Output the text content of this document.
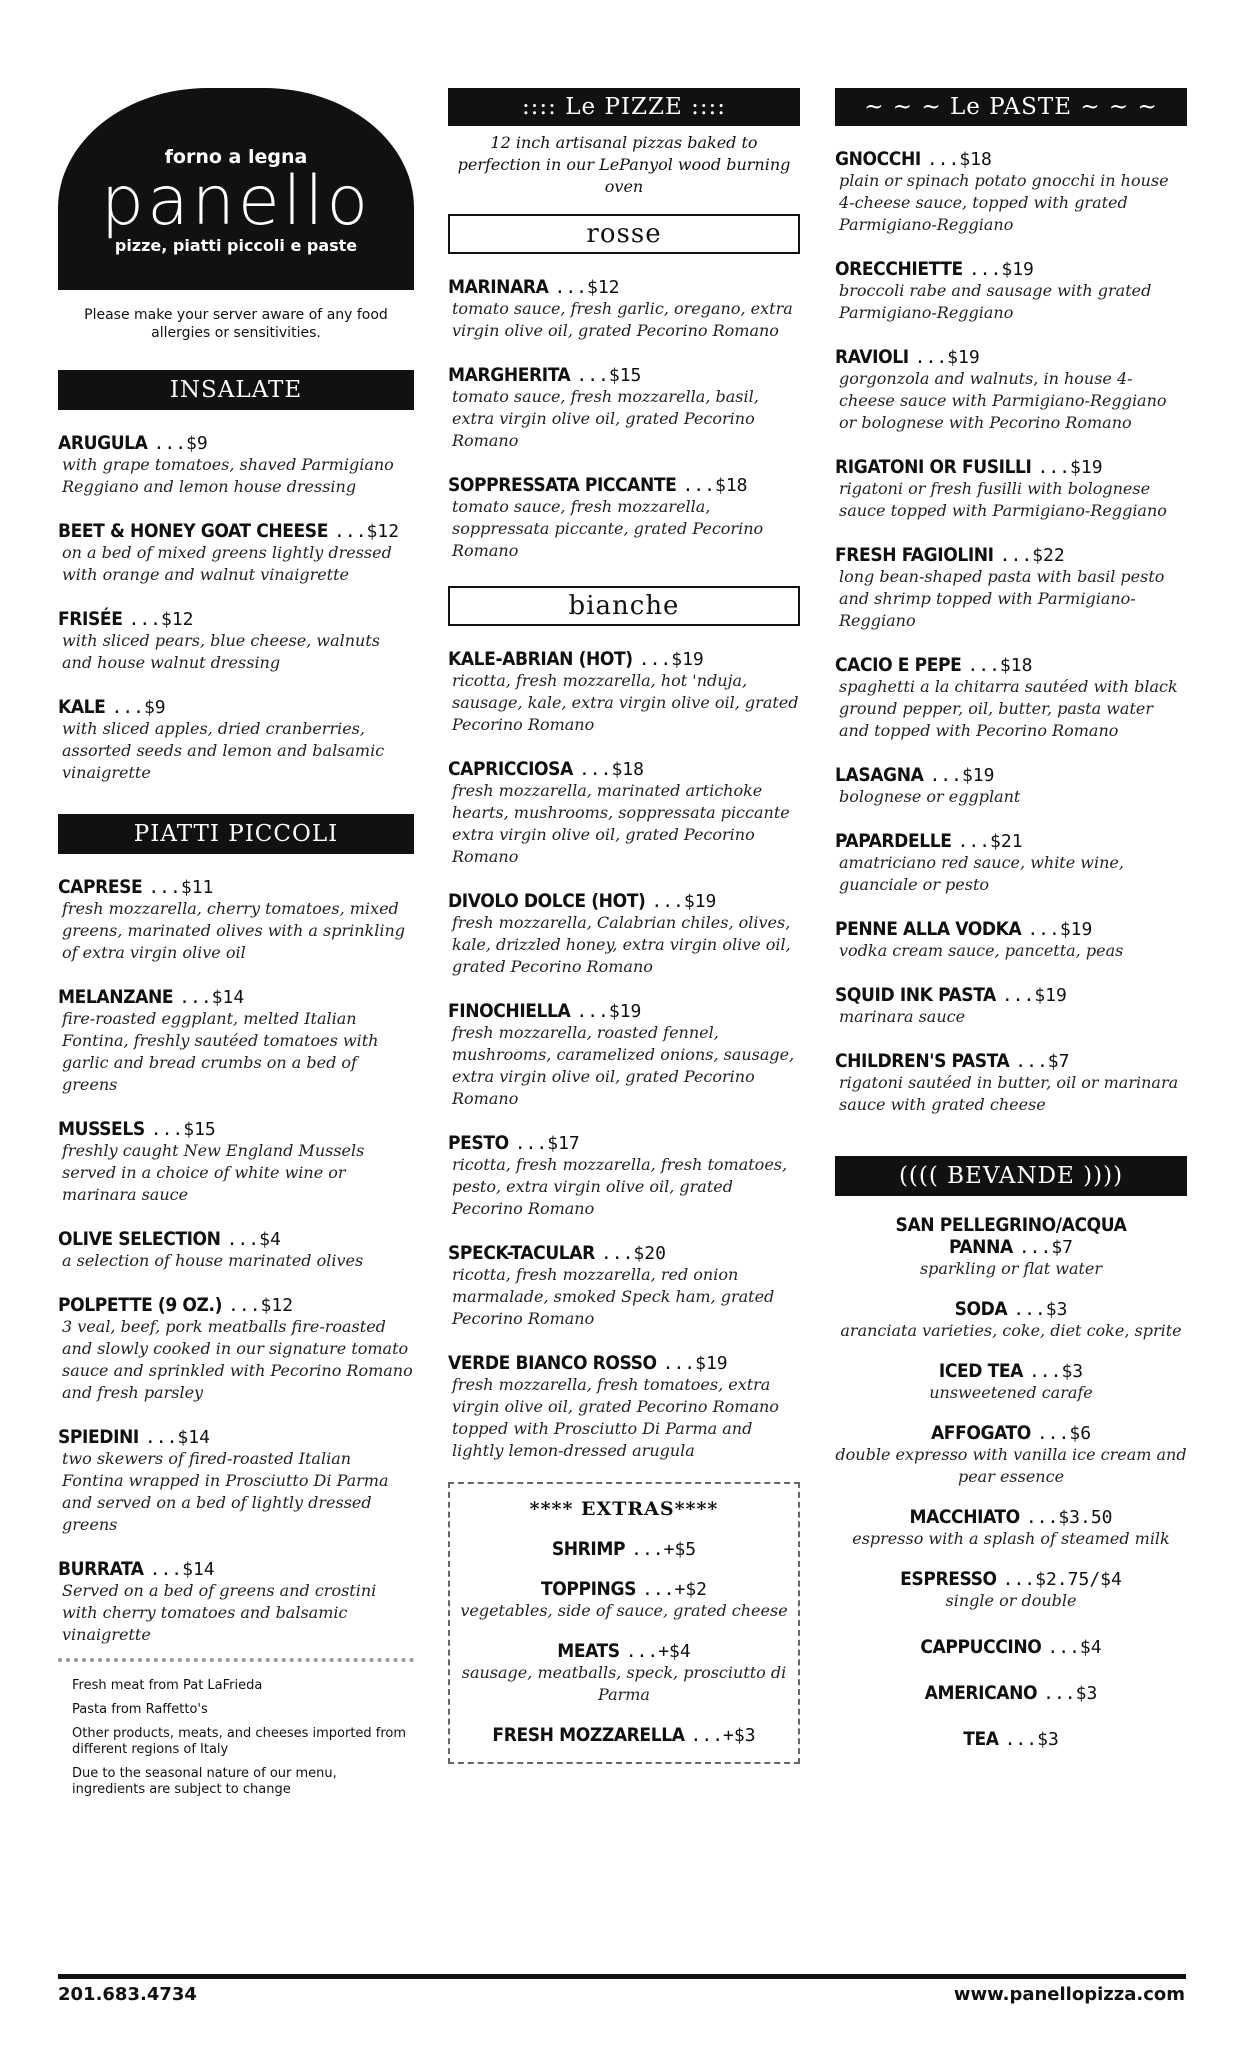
forno a legna
panello
pizze, piatti piccoli e paste
Please make your server aware of any food allergies or sensitivities.
INSALATE
ARUGULA ...$9
with grape tomatoes, shaved Parmigiano Reggiano and lemon house dressing
BEET & HONEY GOAT CHEESE ...$12
on a bed of mixed greens lightly dressed with orange and walnut vinaigrette
FRISÉE ...$12
with sliced pears, blue cheese, walnuts and house walnut dressing
KALE ...$9
with sliced apples, dried cranberries, assorted seeds and lemon and balsamic vinaigrette
PIATTI PICCOLI
CAPRESE ...$11
fresh mozzarella, cherry tomatoes, mixed greens, marinated olives with a sprinkling of extra virgin olive oil
MELANZANE ...$14
fire-roasted eggplant, melted Italian Fontina, freshly sautéed tomatoes with garlic and bread crumbs on a bed of greens
MUSSELS ...$15
freshly caught New England Mussels served in a choice of white wine or marinara sauce
OLIVE SELECTION ...$4
a selection of house marinated olives
POLPETTE (9 OZ.) ...$12
3 veal, beef, pork meatballs fire-roasted and slowly cooked in our signature tomato sauce and sprinkled with Pecorino Romano and fresh parsley
SPIEDINI ...$14
two skewers of fired-roasted Italian Fontina wrapped in Prosciutto Di Parma and served on a bed of lightly dressed greens
BURRATA ...$14
Served on a bed of greens and crostini with cherry tomatoes and balsamic vinaigrette
Fresh meat from Pat LaFrieda
Pasta from Raffetto's
Other products, meats, and cheeses imported from different regions of Italy
Due to the seasonal nature of our menu, ingredients are subject to change
:::: Le PIZZE ::::
12 inch artisanal pizzas baked to perfection in our LePanyol wood burning oven
rosse
MARINARA ...$12
tomato sauce, fresh garlic, oregano, extra virgin olive oil, grated Pecorino Romano
MARGHERITA ...$15
tomato sauce, fresh mozzarella, basil, extra virgin olive oil, grated Pecorino Romano
SOPPRESSATA PICCANTE ...$18
tomato sauce, fresh mozzarella, soppressata piccante, grated Pecorino Romano
bianche
KALE-ABRIAN (HOT) ...$19
ricotta, fresh mozzarella, hot 'nduja, sausage, kale, extra virgin olive oil, grated Pecorino Romano
CAPRICCIOSA ...$18
fresh mozzarella, marinated artichoke hearts, mushrooms, soppressata piccante extra virgin olive oil, grated Pecorino Romano
DIVOLO DOLCE (HOT) ...$19
fresh mozzarella, Calabrian chiles, olives, kale, drizzled honey, extra virgin olive oil, grated Pecorino Romano
FINOCHIELLA ...$19
fresh mozzarella, roasted fennel, mushrooms, caramelized onions, sausage, extra virgin olive oil, grated Pecorino Romano
PESTO ...$17
ricotta, fresh mozzarella, fresh tomatoes, pesto, extra virgin olive oil, grated Pecorino Romano
SPECK-TACULAR ...$20
ricotta, fresh mozzarella, red onion marmalade, smoked Speck ham, grated Pecorino Romano
VERDE BIANCO ROSSO ...$19
fresh mozzarella, fresh tomatoes, extra virgin olive oil, grated Pecorino Romano topped with Prosciutto Di Parma and lightly lemon-dressed arugula
**** EXTRAS****
SHRIMP ...+$5
TOPPINGS ...+$2
vegetables, side of sauce, grated cheese
MEATS ...+$4
sausage, meatballs, speck, prosciutto di Parma
FRESH MOZZARELLA ...+$3
~ ~ ~ Le PASTE ~ ~ ~
GNOCCHI ...$18
plain or spinach potato gnocchi in house 4-cheese sauce, topped with grated Parmigiano-Reggiano
ORECCHIETTE ...$19
broccoli rabe and sausage with grated Parmigiano-Reggiano
RAVIOLI ...$19
gorgonzola and walnuts, in house 4-cheese sauce with Parmigiano-Reggiano or bolognese with Pecorino Romano
RIGATONI OR FUSILLI ...$19
rigatoni or fresh fusilli with bolognese sauce topped with Parmigiano-Reggiano
FRESH FAGIOLINI ...$22
long bean-shaped pasta with basil pesto and shrimp topped with Parmigiano-Reggiano
CACIO E PEPE ...$18
spaghetti a la chitarra sautéed with black ground pepper, oil, butter, pasta water and topped with Pecorino Romano
LASAGNA ...$19
bolognese or eggplant
PAPARDELLE ...$21
amatriciano red sauce, white wine, guanciale or pesto
PENNE ALLA VODKA ...$19
vodka cream sauce, pancetta, peas
SQUID INK PASTA ...$19
marinara sauce
CHILDREN'S PASTA ...$7
rigatoni sautéed in butter, oil or marinara sauce with grated cheese
(((( BEVANDE ))))
SAN PELLEGRINO/ACQUA PANNA ...$7
sparkling or flat water
SODA ...$3
aranciata varieties, coke, diet coke, sprite
ICED TEA ...$3
unsweetened carafe
AFFOGATO ...$6
double expresso with vanilla ice cream and pear essence
MACCHIATO ...$3.50
espresso with a splash of steamed milk
ESPRESSO ...$2.75/$4
single or double
CAPPUCCINO ...$4
AMERICANO ...$3
TEA ...$3
201.683.4734	www.panellopizza.com
